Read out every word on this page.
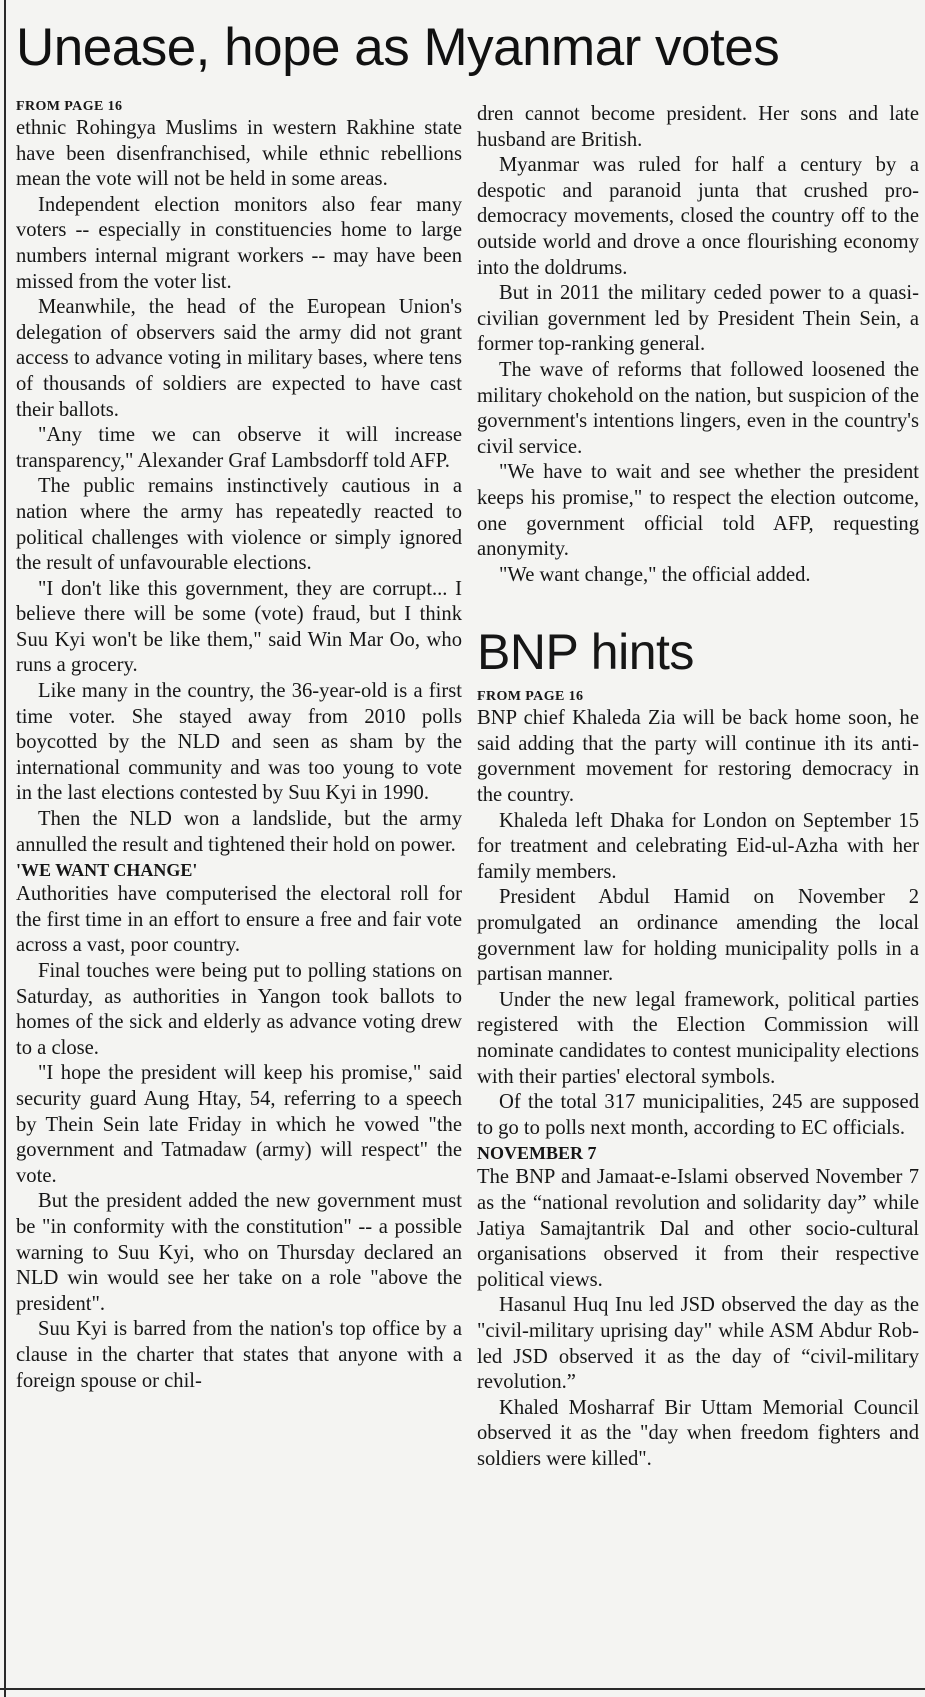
Unease, hope as Myanmar votes

FROM PAGE 16

ethnic Rohingya Muslims in western Rakhine state have been disenfranchised, while ethnic rebellions mean the vote will not be held in some areas.

Independent election monitors also fear many voters -- especially in constituencies home to large numbers internal migrant workers -- may have been missed from the voter list.

Meanwhile, the head of the European Union's delegation of observers said the army did not grant access to advance voting in military bases, where tens of thousands of soldiers are expected to have cast their ballots.

"Any time we can observe it will increase transparency," Alexander Graf Lambsdorff told AFP.

The public remains instinctively cautious in a nation where the army has repeatedly reacted to political challenges with violence or simply ignored the result of unfavourable elections.

"I don't like this government, they are corrupt... I believe there will be some (vote) fraud, but I think Suu Kyi won't be like them," said Win Mar Oo, who runs a grocery.

Like many in the country, the 36-year-old is a first time voter. She stayed away from 2010 polls boycotted by the NLD and seen as sham by the international community and was too young to vote in the last elections contested by Suu Kyi in 1990.

Then the NLD won a landslide, but the army annulled the result and tightened their hold on power.

'WE WANT CHANGE'

Authorities have computerised the electoral roll for the first time in an effort to ensure a free and fair vote across a vast, poor country.

Final touches were being put to polling stations on Saturday, as authorities in Yangon took ballots to homes of the sick and elderly as advance voting drew to a close.

"I hope the president will keep his promise," said security guard Aung Htay, 54, referring to a speech by Thein Sein late Friday in which he vowed "the government and Tatmadaw (army) will respect" the vote.

But the president added the new government must be "in conformity with the constitution" -- a possible warning to Suu Kyi, who on Thursday declared an NLD win would see her take on a role "above the president".

Suu Kyi is barred from the nation's top office by a clause in the charter that states that anyone with a foreign spouse or chil-

dren cannot become president. Her sons and late husband are British.

Myanmar was ruled for half a century by a despotic and paranoid junta that crushed pro-democracy movements, closed the country off to the outside world and drove a once flourishing economy into the doldrums.

But in 2011 the military ceded power to a quasi-civilian government led by President Thein Sein, a former top-ranking general.

The wave of reforms that followed loosened the military chokehold on the nation, but suspicion of the government's intentions lingers, even in the country's civil service.

"We have to wait and see whether the president keeps his promise," to respect the election outcome, one government official told AFP, requesting anonymity.

"We want change," the official added.

BNP hints

FROM PAGE 16

BNP chief Khaleda Zia will be back home soon, he said adding that the party will continue ith its anti-government movement for restoring democracy in the country.

Khaleda left Dhaka for London on September 15 for treatment and celebrating Eid-ul-Azha with her family members.

President Abdul Hamid on November 2 promulgated an ordinance amending the local government law for holding municipality polls in a partisan manner.

Under the new legal framework, political parties registered with the Election Commission will nominate candidates to contest municipality elections with their parties' electoral symbols.

Of the total 317 municipalities, 245 are supposed to go to polls next month, according to EC officials.

NOVEMBER 7

The BNP and Jamaat-e-Islami observed November 7 as the “national revolution and solidarity day” while Jatiya Samajtantrik Dal and other socio-cultural organisations observed it from their respective political views.

Hasanul Huq Inu led JSD observed the day as the "civil-military uprising day" while ASM Abdur Rob-led JSD observed it as the day of “civil-military revolution.”

Khaled Mosharraf Bir Uttam Memorial Council observed it as the "day when freedom fighters and soldiers were killed".
